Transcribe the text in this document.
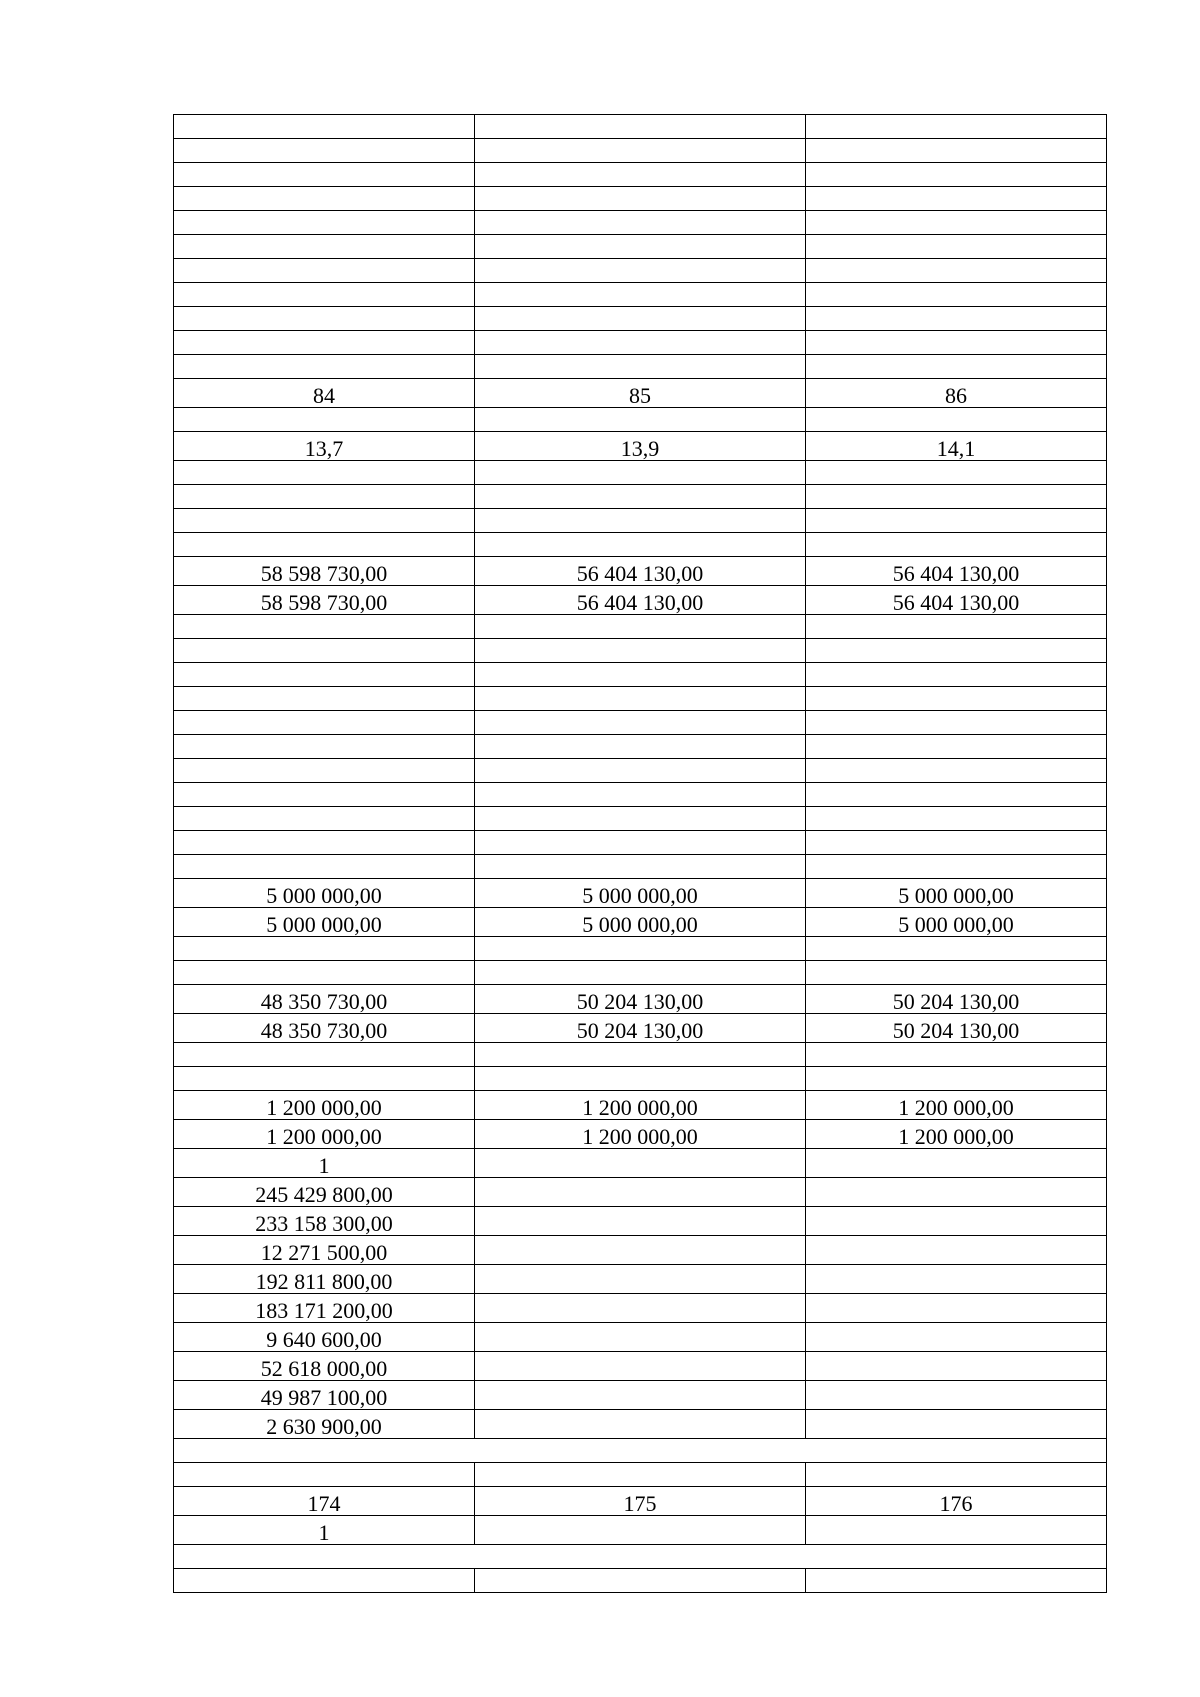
84	85	86

13,7	13,9	14,1

58 598 730,00	56 404 130,00	56 404 130,00
58 598 730,00	56 404 130,00	56 404 130,00

5 000 000,00	5 000 000,00	5 000 000,00
5 000 000,00	5 000 000,00	5 000 000,00

48 350 730,00	50 204 130,00	50 204 130,00
48 350 730,00	50 204 130,00	50 204 130,00

1 200 000,00	1 200 000,00	1 200 000,00
1 200 000,00	1 200 000,00	1 200 000,00
1		
245 429 800,00		
233 158 300,00		
12 271 500,00		
192 811 800,00		
183 171 200,00		
9 640 600,00		
52 618 000,00		
49 987 100,00		
2 630 900,00		

174	175	176
1		
